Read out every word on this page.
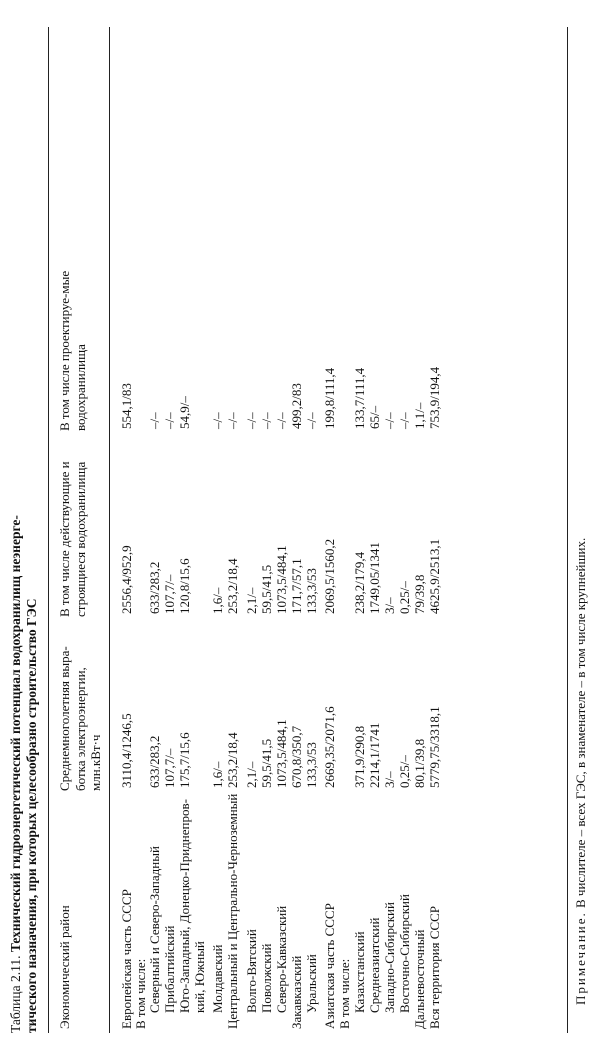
Таблица 2.11. Технический гидроэнергетический потенциал водохранилищ неэнерге- тического назначения, при которых целесообразно строительство ГЭС Экономический район
Среднемноголетняя выра-ботка электроэнергии, млн.кВт·ч
В том числе действующие и строящиеся водохранилища
В том числе проектируе-мые водохранилища
Европейская часть СССР
3110,4/1246,5
2556,4/952,9
554,1/83
В том числе: Северный и Северо-Западный
633/283,2
633/283,2
–/–
Прибалтийский
107,7/–
107,7/–
–/–
Юго-Западный, Донецко-Приднепров-
175,7/15,6
120,8/15,6
54,9/–
кий, Южный Молдавский
1,6/–
1,6/–
–/–
Центральный и Центрально-Черноземный
253,2/18,4
253,2/18,4
–/–
Волго-Вятский
2,1/–
2,1/–
–/–
Поволжский
59,5/41,5
59,5/41,5
–/–
Северо-Кавказский
1073,5/484,1
1073,5/484,1
–/–
Закавказский
670,8/350,7
171,7/57,1
499,2/83
Уральский
133,3/53
133,3/53
–/–
Азиатская часть СССР
2669,35/2071,6
2069,5/1560,2
199,8/111,4
В том числе: Казахстанский
371,9/290,8
238,2/179,4
133,7/111,4
Среднеазиатский
2214,1/1741
1749,05/1341
65/–
Западно-Сибирский
3/–
3/–
–/–
Восточно-Сибирский
0,25/–
0,25/–
–/–
Дальневосточный
80,1/39,8
79/39,8
1,1/–
Вся территория СССР
5779,75/3318,1
4625,9/2513,1
753,9/194,4
Примечание. В числителе – всех ГЭС, в знаменателе – в том числе крупнейших.
